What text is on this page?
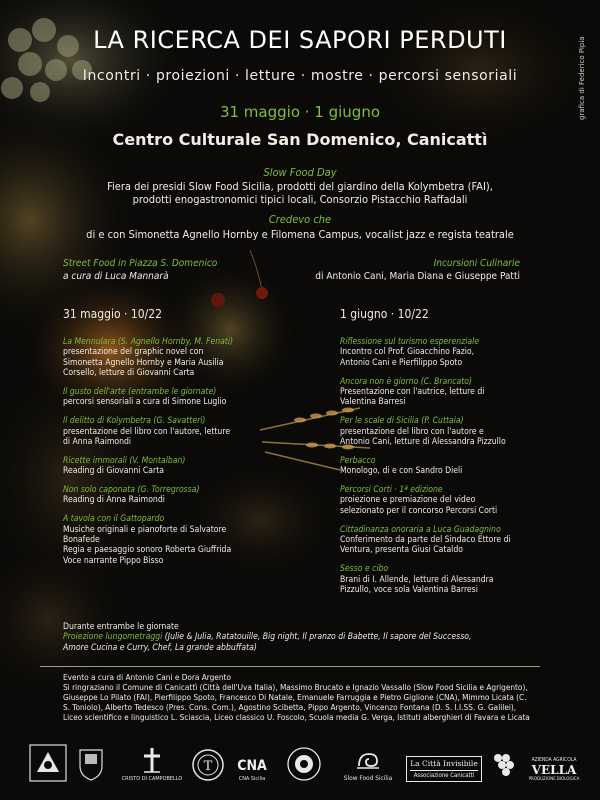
LA RICERCA DEI SAPORI PERDUTI
Incontri · proiezioni · letture · mostre · percorsi sensoriali
31 maggio · 1 giugno
Centro Culturale San Domenico, Canicattì
grafica di Federico Pipia
Slow Food Day
Fiera dei presidi Slow Food Sicilia, prodotti del giardino della Kolymbetra (FAI),
prodotti enogastronomici tipici locali, Consorzio Pistacchio Raffadali
Credevo che
di e con Simonetta Agnello Hornby e Filomena Campus, vocalist jazz e regista teatrale
Street Food in Piazza S. Domenico
a cura di Luca Mannarà
Incursioni Culinarie
di Antonio Cani, Maria Diana e Giuseppe Patti
31 maggio · 10/22	1 giugno · 10/22
La Mennulara (S. Agnello Hornby, M. Fenati)
presentazione del graphic novel con
Simonetta Agnello Hornby e Maria Ausilia
Corsello, letture di Giovanni Carta
Il gusto dell'arte (entrambe le giornate)
percorsi sensoriali a cura di Simone Luglio
Il delitto di Kolymbetra (G. Savatteri)
presentazione del libro con l'autore, letture
di Anna Raimondi
Ricette immorali (V. Montalban)
Reading di Giovanni Carta
Non solo caponata (G. Torregrossa)
Reading di Anna Raimondi
A tavola con il Gattopardo
Musiche originali e pianoforte di Salvatore
Bonafede
Regia e paesaggio sonoro Roberta Giuffrida
Voce narrante Pippo Bisso
Riflessione sul turismo esperenziale
Incontro col Prof. Gioacchino Fazio,
Antonio Cani e Pierfilippo Spoto
Ancora non è giorno (C. Brancato)
Presentazione con l'autrice, letture di
Valentina Barresi
Per le scale di Sicilia (P. Cuttaia)
presentazione del libro con l'autore e
Antonio Cani, letture di Alessandra Pizzullo
Perbacco
Monologo, di e con Sandro Dieli
Percorsi Corti · 1ª edizione
proiezione e premiazione del video
selezionato per il concorso Percorsi Corti
Cittadinanza onoraria a Luca Guadagnino
Conferimento da parte del Sindaco Ettore di
Ventura, presenta Giusi Cataldo
Sesso e cibo
Brani di I. Allende, letture di Alessandra
Pizzullo, voce sola Valentina Barresi
Durante entrambe le giornate
Proiezione lungometraggi (Julie & Julia, Ratatouille, Big night, Il pranzo di Babette, Il sapore del Successo,
Amore Cucina e Curry, Chef, La grande abbuffata)
Evento a cura di Antonio Cani e Dora Argento
Si ringraziano il Comune di Canicattì (Città dell'Uva Italia), Massimo Brucato e Ignazio Vassallo (Slow Food Sicilia e Agrigento),
Giuseppe Lo Pilato (FAI), Pierfilippo Spoto, Francesco Di Natale, Emanuele Farruggia e Pietro Giglione (CNA), Mimmo Licata (C.
S. Toniolo), Alberto Tedesco (Pres. Cons. Com.), Agostino Scibetta, Pippo Argento, Vincenzo Fontana (D. S. I.I.SS. G. Galilei),
Liceo scientifico e linguistico L. Sciascia, Liceo classico U. Foscolo, Scuola media G. Verga, Istituti alberghieri di Favara e Licata
CRISTO DI CAMPOBELLO
T CNA
CNA Sicilia	Slow Food Sicilia
La Città Invisibile
Associazione Canicattì
AZIENDA AGRICOLA
VELLA
PRODUZIONE BIOLOGICA
